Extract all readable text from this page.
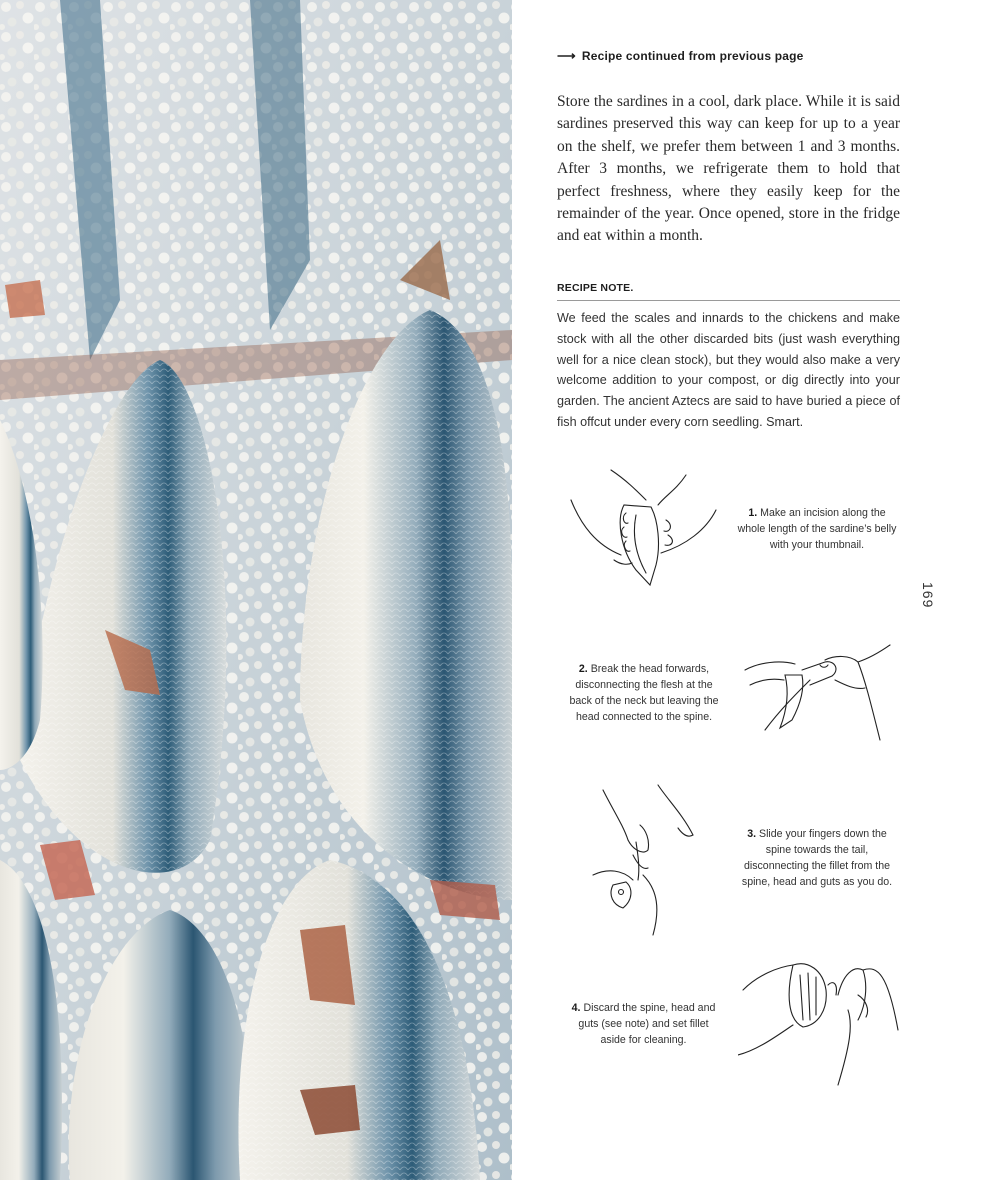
⟶ Recipe continued from previous page

Store the sardines in a cool, dark place. While it is said sardines preserved this way can keep for up to a year on the shelf, we prefer them between 1 and 3 months. After 3 months, we refrigerate them to hold that perfect freshness, where they easily keep for the remainder of the year. Once opened, store in the fridge and eat within a month.

RECIPE NOTE.

We feed the scales and innards to the chickens and make stock with all the other discarded bits (just wash everything well for a nice clean stock), but they would also make a very welcome addition to your compost, or dig directly into your garden. The ancient Aztecs are said to have buried a piece of fish offcut under every corn seedling. Smart.

1. Make an incision along the whole length of the sardine’s belly with your thumbnail.

2. Break the head forwards, disconnecting the flesh at the back of the neck but leaving the head connected to the spine.

3. Slide your fingers down the spine towards the tail, disconnecting the fillet from the spine, head and guts as you do.

4. Discard the spine, head and guts (see note) and set fillet aside for cleaning.

169
